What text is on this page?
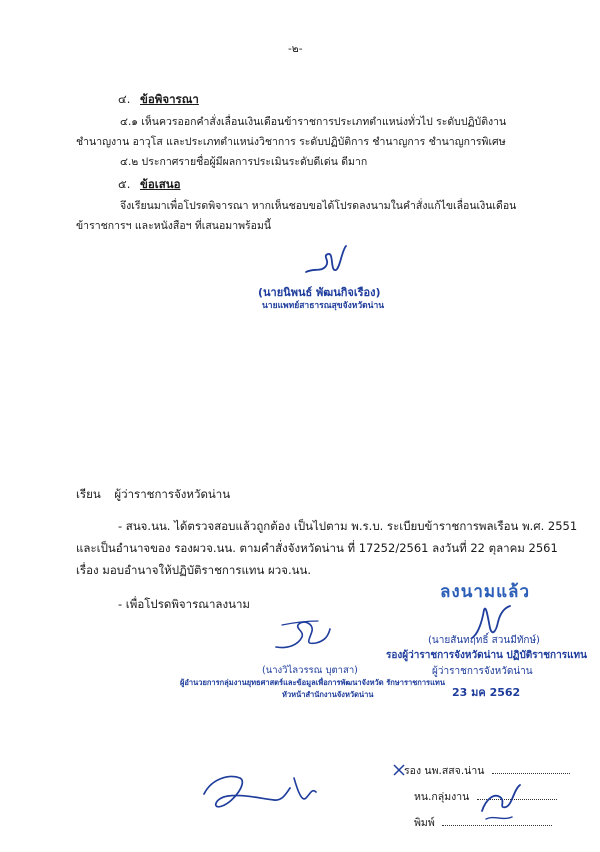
-๒-
๔. ข้อพิจารณา
๔.๑ เห็นควรออกคำสั่งเลื่อนเงินเดือนข้าราชการประเภทตำแหน่งทั่วไป ระดับปฏิบัติงาน
ชำนาญงาน อาวุโส และประเภทตำแหน่งวิชาการ ระดับปฏิบัติการ ชำนาญการ ชำนาญการพิเศษ
๔.๒ ประกาศรายชื่อผู้มีผลการประเมินระดับดีเด่น ดีมาก
๕. ข้อเสนอ
จึงเรียนมาเพื่อโปรดพิจารณา หากเห็นชอบขอได้โปรดลงนามในคำสั่งแก้ไขเลื่อนเงินเดือน
ข้าราชการฯ และหนังสือฯ ที่เสนอมาพร้อมนี้
(นายนิพนธ์ พัฒนกิจเรือง)
นายแพทย์สาธารณสุขจังหวัดน่าน
เรียน ผู้ว่าราชการจังหวัดน่าน
- สนจ.นน. ได้ตรวจสอบแล้วถูกต้อง เป็นไปตาม พ.ร.บ. ระเบียบข้าราชการพลเรือน พ.ศ. 2551
และเป็นอำนาจของ รองผวจ.นน. ตามคำสั่งจังหวัดน่าน ที่ 17252/2561 ลงวันที่ 22 ตุลาคม 2561
เรื่อง มอบอำนาจให้ปฏิบัติราชการแทน ผวจ.นน.
- เพื่อโปรดพิจารณาลงนาม
ลงนามแล้ว
(นางวิไลวรรณ บุตาสา)
ผู้อำนวยการกลุ่มงานยุทธศาสตร์และข้อมูลเพื่อการพัฒนาจังหวัด รักษาราชการแทน
หัวหน้าสำนักงานจังหวัดน่าน
(นายสันทฤทธิ์ สวนมีทักษ์)
รองผู้ว่าราชการจังหวัดน่าน ปฏิบัติราชการแทน
ผู้ว่าราชการจังหวัดน่าน
23 มค 2562
รอง นพ.สสจ.น่าน
หน.กลุ่มงาน
พิมพ์
